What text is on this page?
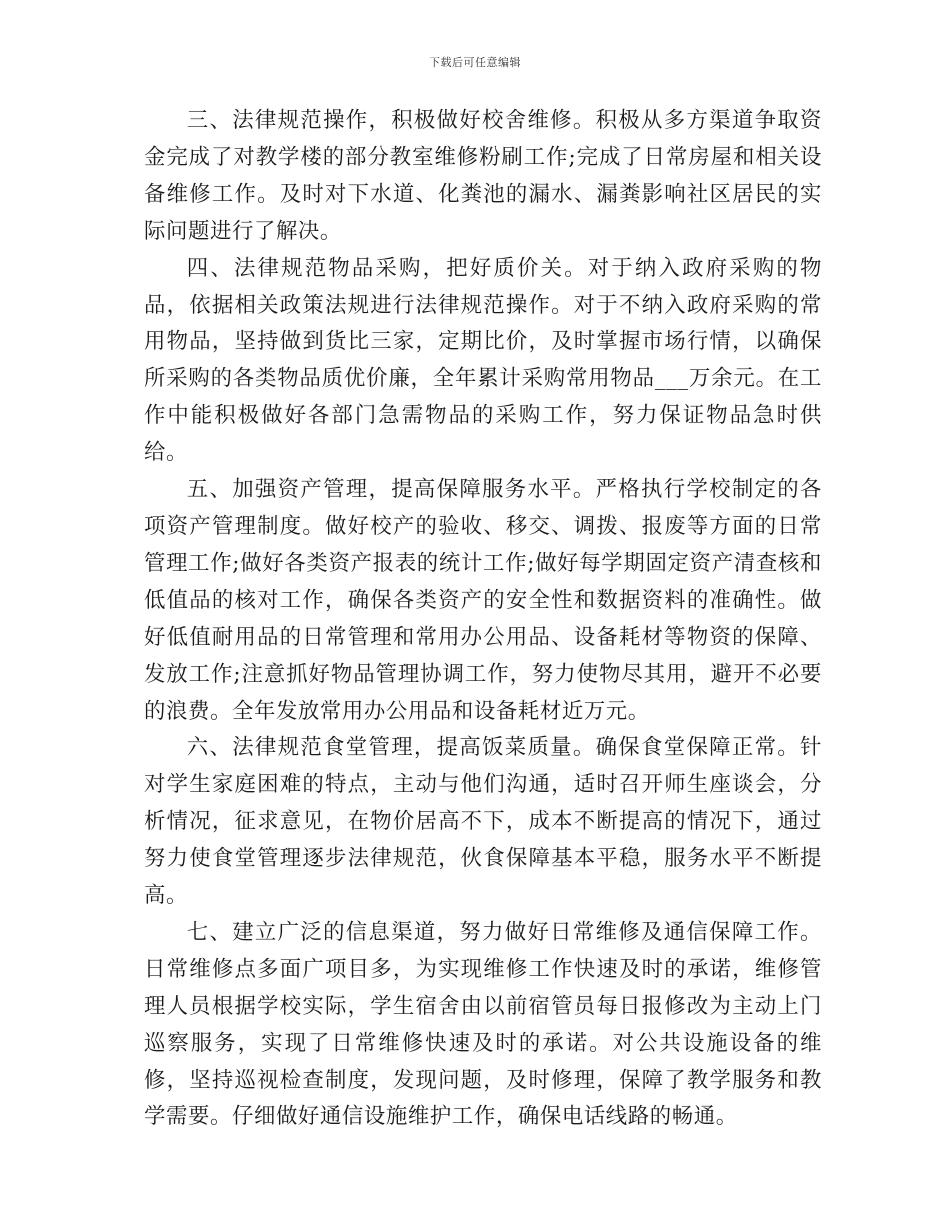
下载后可任意编辑

三、法律规范操作，积极做好校舍维修。积极从多方渠道争取资金完成了对教学楼的部分教室维修粉刷工作;完成了日常房屋和相关设备维修工作。及时对下水道、化粪池的漏水、漏粪影响社区居民的实际问题进行了解决。

四、法律规范物品采购，把好质价关。对于纳入政府采购的物品，依据相关政策法规进行法律规范操作。对于不纳入政府采购的常用物品，坚持做到货比三家，定期比价，及时掌握市场行情，以确保所采购的各类物品质优价廉，全年累计采购常用物品___万余元。在工作中能积极做好各部门急需物品的采购工作，努力保证物品急时供给。

五、加强资产管理，提高保障服务水平。严格执行学校制定的各项资产管理制度。做好校产的验收、移交、调拨、报废等方面的日常管理工作;做好各类资产报表的统计工作;做好每学期固定资产清查核和低值品的核对工作，确保各类资产的安全性和数据资料的准确性。做好低值耐用品的日常管理和常用办公用品、设备耗材等物资的保障、发放工作;注意抓好物品管理协调工作，努力使物尽其用，避开不必要的浪费。全年发放常用办公用品和设备耗材近万元。

六、法律规范食堂管理，提高饭菜质量。确保食堂保障正常。针对学生家庭困难的特点，主动与他们沟通，适时召开师生座谈会，分析情况，征求意见，在物价居高不下，成本不断提高的情况下，通过努力使食堂管理逐步法律规范，伙食保障基本平稳，服务水平不断提高。

七、建立广泛的信息渠道，努力做好日常维修及通信保障工作。日常维修点多面广项目多，为实现维修工作快速及时的承诺，维修管理人员根据学校实际，学生宿舍由以前宿管员每日报修改为主动上门巡察服务，实现了日常维修快速及时的承诺。对公共设施设备的维修，坚持巡视检查制度，发现问题，及时修理，保障了教学服务和教学需要。仔细做好通信设施维护工作，确保电话线路的畅通。
